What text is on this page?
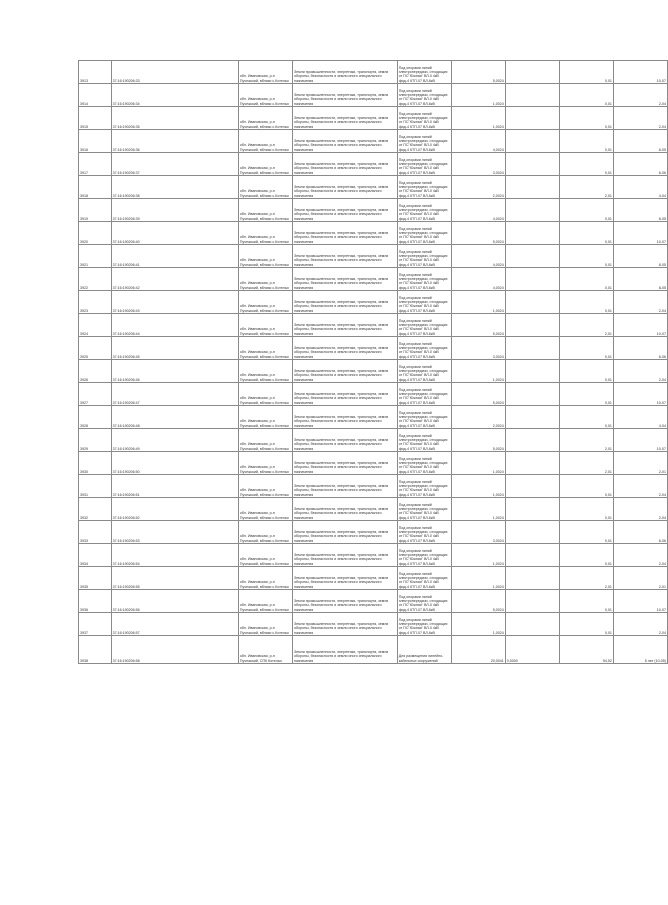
3913	37:16:190206:33	обл. Ивановская, р-н Пучежский, вблизи с.Котельи	Земли промышленности, энергетики, транспорта, земли обороны, безопасности и земли иного специального назначения	Под опорами линий электропередачи, отходящих от ПС"Южная" ВЛ-0 4кВ фид-4 КТП-07 ВЛ-6кВ	5,0024		0,01	10-07
3914	37:16:190206:34	обл. Ивановская, р-н Пучежский, вблизи с.Котельи	Земли промышленности, энергетики, транспорта, земли обороны, безопасности и земли иного специального назначения	Под опорами линий электропередачи, отходящих от ПС"Южная" ВЛ-0 4кВ фид-4 КТП-07 ВЛ-6кВ	1,0024		0,01	2-04
3915	37:16:190206:35	обл. Ивановская, р-н Пучежский, вблизи с.Котельи	Земли промышленности, энергетики, транспорта, земли обороны, безопасности и земли иного специального назначения	Под опорами линий электропередачи, отходящих от ПС"Южная" ВЛ-0 4кВ фид-4 КТП-07 ВЛ-6кВ	1,0024		0,01	2-04
3916	37:16:190206:36	обл. Ивановская, р-н Пучежский, вблизи с.Котельи	Земли промышленности, энергетики, транспорта, земли обороны, безопасности и земли иного специального назначения	Под опорами линий электропередачи, отходящих от ПС"Южная" ВЛ-0 4кВ фид-4 КТП-07 ВЛ-6кВ	4,0024		0,01	8-05
3917	37:16:190206:37	обл. Ивановская, р-н Пучежский, вблизи с.Котельи	Земли промышленности, энергетики, транспорта, земли обороны, безопасности и земли иного специального назначения	Под опорами линий электропередачи, отходящих от ПС"Южная" ВЛ-0 4кВ фид-4 КТП-07 ВЛ-6кВ	3,0024		0,01	6-06
3918	37:16:190206:38	обл. Ивановская, р-н Пучежский, вблизи с.Котельи	Земли промышленности, энергетики, транспорта, земли обороны, безопасности и земли иного специального назначения	Под опорами линий электропередачи, отходящих от ПС"Южная" ВЛ-0 4кВ фид-4 КТП-07 ВЛ-6кВ	2,0024		2,01	4-04
3919	37:16:190206:39	обл. Ивановская, р-н Пучежский, вблизи с.Котельи	Земли промышленности, энергетики, транспорта, земли обороны, безопасности и земли иного специального назначения	Под опорами линий электропередачи, отходящих от ПС"Южная" ВЛ-0 4кВ фид-4 КТП-07 ВЛ-6кВ	4,0024		0,01	8-05
3920	37:16:190206:40	обл. Ивановская, р-н Пучежский, вблизи с.Котельи	Земли промышленности, энергетики, транспорта, земли обороны, безопасности и земли иного специального назначения	Под опорами линий электропередачи, отходящих от ПС"Южная" ВЛ-0 4кВ фид-4 КТП-07 ВЛ-6кВ	5,0024		0,01	10-07
3921	37:16:190206:41	обл. Ивановская, р-н Пучежский, вблизи с.Котельи	Земли промышленности, энергетики, транспорта, земли обороны, безопасности и земли иного специального назначения	Под опорами линий электропередачи, отходящих от ПС"Южная" ВЛ-0 4кВ фид-4 КТП-07 ВЛ-6кВ	4,0024		0,01	8-05
3922	37:16:190206:42	обл. Ивановская, р-н Пучежский, вблизи с.Котельи	Земли промышленности, энергетики, транспорта, земли обороны, безопасности и земли иного специального назначения	Под опорами линий электропередачи, отходящих от ПС"Южная" ВЛ-0 4кВ фид-4 КТП-07 ВЛ-6кВ	4,0024		0,01	8-05
3923	37:16:190206:43	обл. Ивановская, р-н Пучежский, вблизи с.Котельи	Земли промышленности, энергетики, транспорта, земли обороны, безопасности и земли иного специального назначения	Под опорами линий электропередачи, отходящих от ПС"Южная" ВЛ-0 4кВ фид-4 КТП-07 ВЛ-6кВ	1,0024		0,01	2-04
3924	37:16:190206:44	обл. Ивановская, р-н Пучежский, вблизи с.Котельи	Земли промышленности, энергетики, транспорта, земли обороны, безопасности и земли иного специального назначения	Под опорами линий электропередачи, отходящих от ПС"Южная" ВЛ-0 4кВ фид-4 КТП-07 ВЛ-6кВ	5,0024		2,01	10-07
3925	37:16:190206:45	обл. Ивановская, р-н Пучежский, вблизи с.Котельи	Земли промышленности, энергетики, транспорта, земли обороны, безопасности и земли иного специального назначения	Под опорами линий электропередачи, отходящих от ПС"Южная" ВЛ-0 4кВ фид-4 КТП-07 ВЛ-6кВ	3,0024		0,01	6-06
3926	37:16:190206:46	обл. Ивановская, р-н Пучежский, вблизи с.Котельи	Земли промышленности, энергетики, транспорта, земли обороны, безопасности и земли иного специального назначения	Под опорами линий электропередачи, отходящих от ПС"Южная" ВЛ-0 4кВ фид-4 КТП-07 ВЛ-6кВ	1,0024		0,01	2-04
3927	37:16:190206:47	обл. Ивановская, р-н Пучежский, вблизи с.Котельи	Земли промышленности, энергетики, транспорта, земли обороны, безопасности и земли иного специального назначения	Под опорами линий электропередачи, отходящих от ПС"Южная" ВЛ-0 4кВ фид-4 КТП-07 ВЛ-6кВ	5,0024		0,01	10-07
3928	37:16:190206:48	обл. Ивановская, р-н Пучежский, вблизи с.Котельи	Земли промышленности, энергетики, транспорта, земли обороны, безопасности и земли иного специального назначения	Под опорами линий электропередачи, отходящих от ПС"Южная" ВЛ-0 4кВ фид-4 КТП-07 ВЛ-6кВ	2,0024		0,01	4-04
3929	37:16:190206:49	обл. Ивановская, р-н Пучежский, вблизи с.Котельи	Земли промышленности, энергетики, транспорта, земли обороны, безопасности и земли иного специального назначения	Под опорами линий электропередачи, отходящих от ПС"Южная" ВЛ-0 4кВ фид-4 КТП-07 ВЛ-6кВ	5,0024		2,01	10-07
3930	37:16:190206:50	обл. Ивановская, р-н Пучежский, вблизи с.Котельи	Земли промышленности, энергетики, транспорта, земли обороны, безопасности и земли иного специального назначения	Под опорами линий электропередачи, отходящих от ПС"Южная" ВЛ-0 4кВ фид-4 КТП-07 ВЛ-6кВ	1,0024		2,01	2-01
3931	37:16:190206:51	обл. Ивановская, р-н Пучежский, вблизи с.Котельи	Земли промышленности, энергетики, транспорта, земли обороны, безопасности и земли иного специального назначения	Под опорами линий электропередачи, отходящих от ПС"Южная" ВЛ-0 4кВ фид-4 КТП-07 ВЛ-6кВ	1,0024		0,01	2-04
3932	37:16:190206:52	обл. Ивановская, р-н Пучежский, вблизи с.Котельи	Земли промышленности, энергетики, транспорта, земли обороны, безопасности и земли иного специального назначения	Под опорами линий электропередачи, отходящих от ПС"Южная" ВЛ-0 4кВ фид-4 КТП-07 ВЛ-6кВ	1,0024		0,01	2-04
3933	37:16:190206:53	обл. Ивановская, р-н Пучежский, вблизи с.Котельи	Земли промышленности, энергетики, транспорта, земли обороны, безопасности и земли иного специального назначения	Под опорами линий электропередачи, отходящих от ПС"Южная" ВЛ-0 4кВ фид-4 КТП-07 ВЛ-6кВ	3,0024		0,01	6-06
3934	37:16:190206:54	обл. Ивановская, р-н Пучежский, вблизи с.Котельи	Земли промышленности, энергетики, транспорта, земли обороны, безопасности и земли иного специального назначения	Под опорами линий электропередачи, отходящих от ПС"Южная" ВЛ-0 4кВ фид-4 КТП-07 ВЛ-6кВ	1,0024		0,01	2-04
3935	37:16:190206:55	обл. Ивановская, р-н Пучежский, вблизи с.Котельи	Земли промышленности, энергетики, транспорта, земли обороны, безопасности и земли иного специального назначения	Под опорами линий электропередачи, отходящих от ПС"Южная" ВЛ-0 4кВ фид-4 КТП-07 ВЛ-6кВ	1,0024		2,01	2-01
3936	37:16:190206:56	обл. Ивановская, р-н Пучежский, вблизи с.Котельи	Земли промышленности, энергетики, транспорта, земли обороны, безопасности и земли иного специального назначения	Под опорами линий электропередачи, отходящих от ПС"Южная" ВЛ-0 4кВ фид-4 КТП-07 ВЛ-6кВ	5,0024		0,01	10-07
3937	37:16:190206:57	обл. Ивановская, р-н Пучежский, вблизи с.Котельи	Земли промышленности, энергетики, транспорта, земли обороны, безопасности и земли иного специального назначения	Под опорами линий электропередачи, отходящих от ПС"Южная" ВЛ-0 4кВ фид-4 КТП-07 ВЛ-6кВ	1,0024		0,01	2-04
3938	37:16:190206:58	обл. Ивановская, р-н Пучежский, СПК Котельи	Земли промышленности, энергетики, транспорта, земли обороны, безопасности и земли иного специального назначения	Для размещения линейно-кабельных сооружений	20,0041	0,0000	54,52	5 лет (10-05)
